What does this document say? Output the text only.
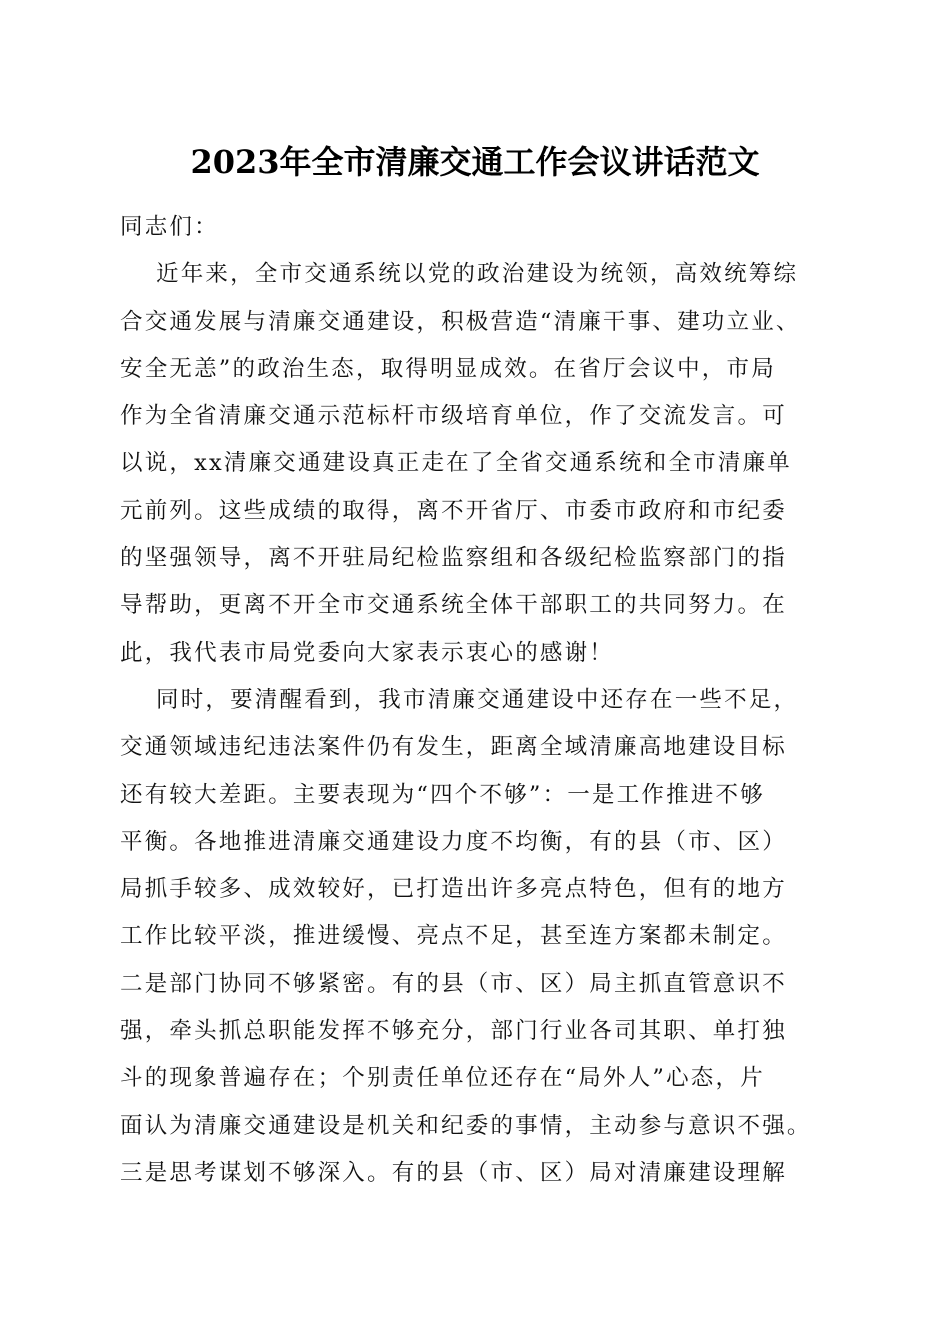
2023年全市清廉交通工作会议讲话范文
同志们：
近年来，全市交通系统以党的政治建设为统领，高效统筹综
合交通发展与清廉交通建设，积极营造“清廉干事、建功立业、
安全无恙”的政治生态，取得明显成效。在省厅会议中，市局
作为全省清廉交通示范标杆市级培育单位，作了交流发言。可
以说，xx清廉交通建设真正走在了全省交通系统和全市清廉单
元前列。这些成绩的取得，离不开省厅、市委市政府和市纪委
的坚强领导，离不开驻局纪检监察组和各级纪检监察部门的指
导帮助，更离不开全市交通系统全体干部职工的共同努力。在
此，我代表市局党委向大家表示衷心的感谢！
同时，要清醒看到，我市清廉交通建设中还存在一些不足，
交通领域违纪违法案件仍有发生，距离全域清廉高地建设目标
还有较大差距。主要表现为“四个不够”：一是工作推进不够
平衡。各地推进清廉交通建设力度不均衡，有的县（市、区）
局抓手较多、成效较好，已打造出许多亮点特色，但有的地方
工作比较平淡，推进缓慢、亮点不足，甚至连方案都未制定。
二是部门协同不够紧密。有的县（市、区）局主抓直管意识不
强，牵头抓总职能发挥不够充分，部门行业各司其职、单打独
斗的现象普遍存在；个别责任单位还存在“局外人”心态，片
面认为清廉交通建设是机关和纪委的事情，主动参与意识不强。
三是思考谋划不够深入。有的县（市、区）局对清廉建设理解
